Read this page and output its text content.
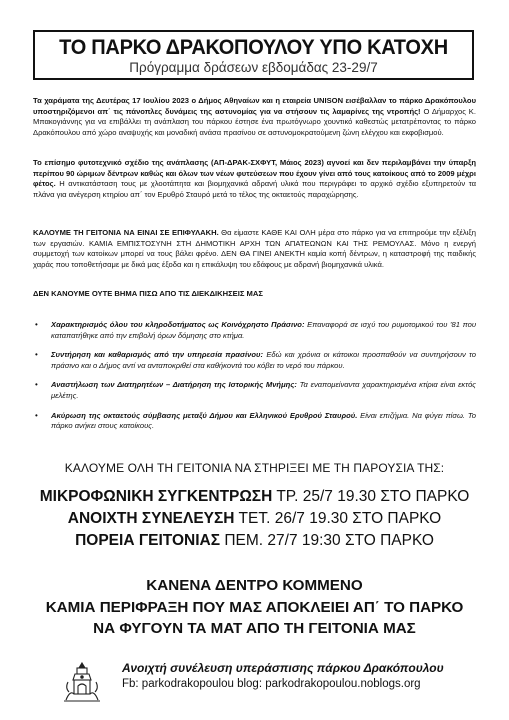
ΤΟ ΠΑΡΚΟ ΔΡΑΚΟΠΟΥΛΟΥ ΥΠΟ ΚΑΤΟΧΗ
Πρόγραμμα δράσεων εβδομάδας 23-29/7
Τα χαράματα της Δευτέρας 17 Ιουλίου 2023 ο Δήμος Αθηναίων και η εταιρεία UNISON εισέβαλλαν το πάρκο Δρακόπουλου υποστηριζόμενοι απ΄ τις πάνοπλες δυνάμεις της αστυνομίας για να στήσουν τις λαμαρίνες της ντροπής! Ο Δήμαρχος Κ. Μπακογιάννης για να επιβάλλει τη ανάπλαση του πάρκου έστησε ένα πρωτόγνωρο χουντικό καθεστώς μετατρέποντας το πάρκο Δρακόπουλου από χώρο αναψυχής και μοναδική ανάσα πρασίνου σε αστυνομοκρατούμενη ζώνη ελέγχου και εκφοβισμού.
Το επίσημο φυτοτεχνικό σχέδιο της ανάπλασης (ΑΠ-ΔΡΑΚ-ΣΧΦΥΤ, Μάιος 2023) αγνοεί και δεν περιλαμβάνει την ύπαρξη περίπου 90 ώριμων δέντρων καθώς και όλων των νέων φυτεύσεων που έχουν γίνει από τους κατοίκους από το 2009 μέχρι φέτος. Η αντικατάσταση τους με χλοοτάπητα και βιομηχανικά αδρανή υλικά που περιγράφει το αρχικό σχέδιο εξυπηρετούν τα πλάνα για ανέγερση κτηρίου απ΄ τον Ερυθρό Σταυρό μετά το τέλος της οκταετούς παραχώρησης.
ΚΑΛΟΥΜΕ ΤΗ ΓΕΙΤΟΝΙΑ ΝΑ ΕΙΝΑΙ ΣΕ ΕΠΙΦΥΛΑΚΗ. Θα είμαστε ΚΑΘΕ ΚΑΙ ΟΛΗ μέρα στο πάρκο για να επιτηρούμε την εξέλιξη των εργασιών. ΚΑΜΙΑ ΕΜΠΙΣΤΟΣΥΝΗ ΣΤΗ ΔΗΜΟΤΙΚΗ ΑΡΧΗ ΤΩΝ ΑΠΑΤΕΩΝΩΝ ΚΑΙ ΤΗΣ ΡΕΜΟΥΛΑΣ. Μόνο η ενεργή συμμετοχή των κατοίκων μπορεί να τους βάλει φρένο. ΔΕΝ ΘΑ ΓΙΝΕΙ ΑΝΕΚΤΗ καμία κοπή δέντρων, η καταστροφή της παιδικής χαράς που τοποθετήσαμε με δικά μας έξοδα και η επικάλυψη του εδάφους με αδρανή βιομηχανικά υλικά.
ΔΕΝ ΚΑΝΟΥΜΕ ΟΥΤΕ ΒΗΜΑ ΠΙΣΩ ΑΠΟ ΤΙΣ ΔΙΕΚΔΙΚΗΣΕΙΣ ΜΑΣ
• Χαρακτηρισμός όλου του κληροδοτήματος ως Κοινόχρηστο Πράσινο: Επαναφορά σε ισχύ του ρυμοτομικού του '81 που καταπατήθηκε από την επιβολή όρων δόμησης στο κτήμα.
• Συντήρηση και καθαρισμός από την υπηρεσία πρασίνου: Εδώ και χρόνια οι κάτοικοι προσπαθούν να συντηρήσουν το πράσινο και ο Δήμος αντί να ανταποκριθεί στα καθήκοντά του κόβει το νερό του πάρκου.
• Αναστήλωση των Διατηρητέων – Διατήρηση της Ιστορικής Μνήμης: Τα εναπομείναντα χαρακτηρισμένα κτίρια είναι εκτός μελέτης.
• Ακύρωση της οκταετούς σύμβασης μεταξύ Δήμου και Ελληνικού Ερυθρού Σταυρού. Είναι επιζήμια. Να φύγει πίσω. Το πάρκο ανήκει στους κατοίκους.
ΚΑΛΟΥΜΕ ΟΛΗ ΤΗ ΓΕΙΤΟΝΙΑ ΝΑ ΣΤΗΡΙΞΕΙ ΜΕ ΤΗ ΠΑΡΟΥΣΙΑ ΤΗΣ:
ΜΙΚΡΟΦΩΝΙΚΗ ΣΥΓΚΕΝΤΡΩΣΗ ΤΡ. 25/7 19.30 ΣΤΟ ΠΑΡΚΟ
ΑΝΟΙΧΤΗ ΣΥΝΕΛΕΥΣΗ ΤΕΤ. 26/7 19.30 ΣΤΟ ΠΑΡΚΟ
ΠΟΡΕΙΑ ΓΕΙΤΟΝΙΑΣ ΠΕΜ. 27/7 19:30 ΣΤΟ ΠΑΡΚΟ
ΚΑΝΕΝΑ ΔΕΝΤΡΟ ΚΟΜΜΕΝΟ
ΚΑΜΙΑ ΠΕΡΙΦΡΑΞΗ ΠΟΥ ΜΑΣ ΑΠΟΚΛΕΙΕΙ ΑΠ΄ ΤΟ ΠΑΡΚΟ
ΝΑ ΦΥΓΟΥΝ ΤΑ ΜΑΤ ΑΠΟ ΤΗ ΓΕΙΤΟΝΙΑ ΜΑΣ
Ανοιχτή συνέλευση υπεράσπισης πάρκου Δρακόπουλου
Fb: parkodrakopoulou blog: parkodrakopoulou.noblogs.org
